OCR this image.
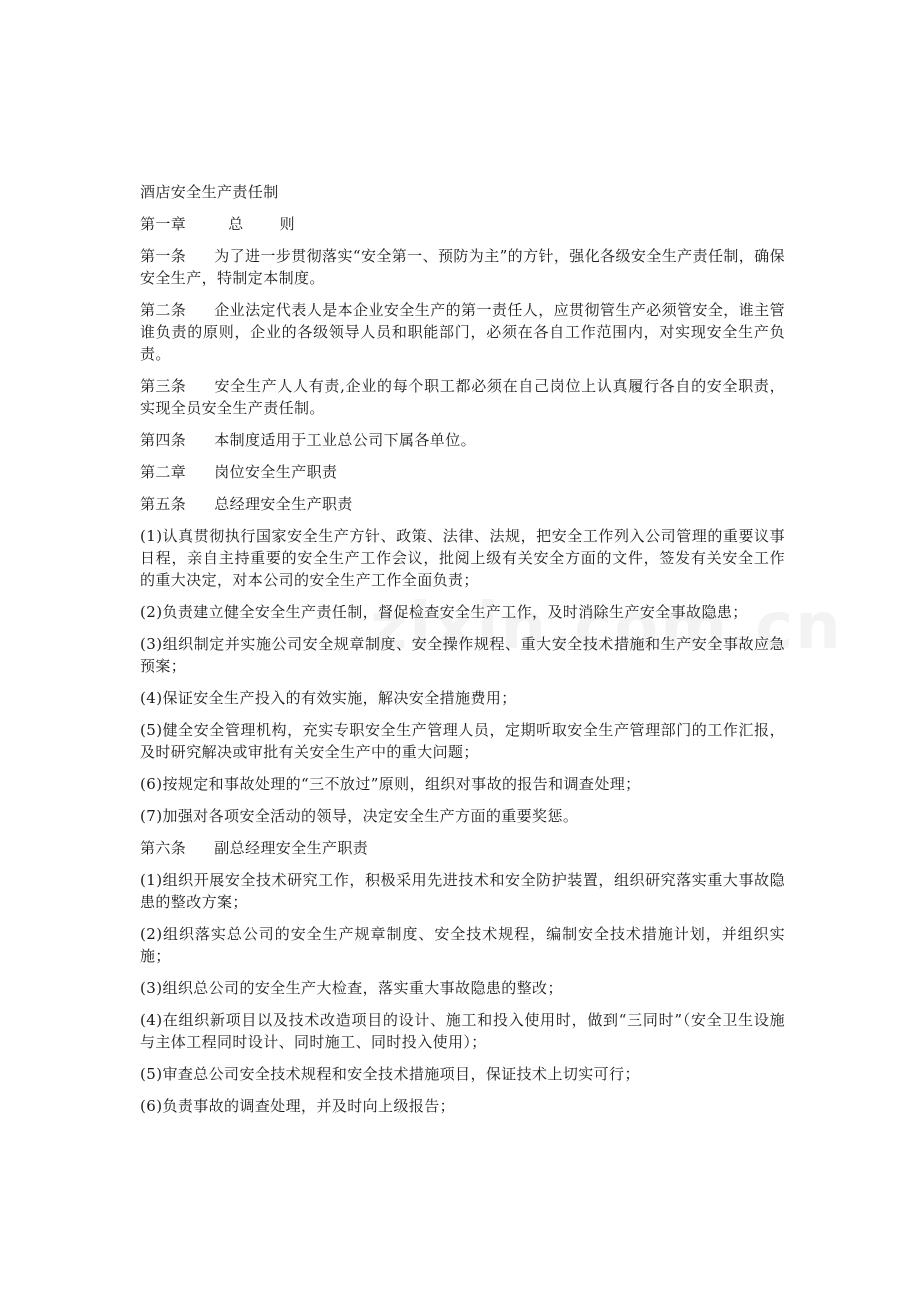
酒店安全生产责任制

第一章	总 则

第一条 为了进一步贯彻落实“安全第一、预防为主”的方针，强化各级安全生产责任制，确保安全生产，特制定本制度。

第二条 企业法定代表人是本企业安全生产的第一责任人，应贯彻管生产必须管安全，谁主管谁负责的原则，企业的各级领导人员和职能部门，必须在各自工作范围内，对实现安全生产负责。

第三条 安全生产人人有责,企业的每个职工都必须在自己岗位上认真履行各自的安全职责，实现全员安全生产责任制。

第四条 本制度适用于工业总公司下属各单位。

第二章 岗位安全生产职责

第五条 总经理安全生产职责

(1)认真贯彻执行国家安全生产方针、政策、法律、法规，把安全工作列入公司管理的重要议事日程，亲自主持重要的安全生产工作会议，批阅上级有关安全方面的文件，签发有关安全工作的重大决定，对本公司的安全生产工作全面负责；

(2)负责建立健全安全生产责任制，督促检查安全生产工作，及时消除生产安全事故隐患；

(3)组织制定并实施公司安全规章制度、安全操作规程、重大安全技术措施和生产安全事故应急预案；

(4)保证安全生产投入的有效实施，解决安全措施费用；

(5)健全安全管理机构，充实专职安全生产管理人员，定期听取安全生产管理部门的工作汇报，及时研究解决或审批有关安全生产中的重大问题；

(6)按规定和事故处理的“三不放过”原则，组织对事故的报告和调查处理；

(7)加强对各项安全活动的领导，决定安全生产方面的重要奖惩。

第六条 副总经理安全生产职责

(1)组织开展安全技术研究工作，积极采用先进技术和安全防护装置，组织研究落实重大事故隐患的整改方案；

(2)组织落实总公司的安全生产规章制度、安全技术规程，编制安全技术措施计划，并组织实施；

(3)组织总公司的安全生产大检查，落实重大事故隐患的整改；

(4)在组织新项目以及技术改造项目的设计、施工和投入使用时，做到“三同时”（安全卫生设施与主体工程同时设计、同时施工、同时投入使用）；

(5)审查总公司安全技术规程和安全技术措施项目，保证技术上切实可行；

(6)负责事故的调查处理，并及时向上级报告；
